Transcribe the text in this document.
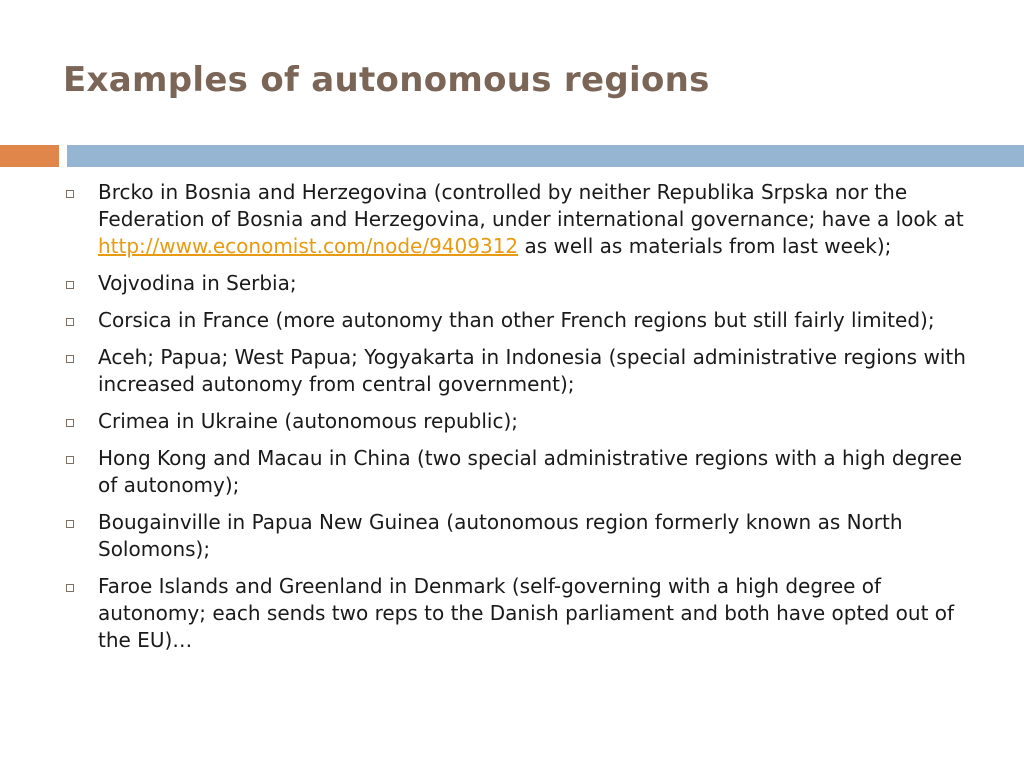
Examples of autonomous regions
Brcko in Bosnia and Herzegovina (controlled by neither Republika Srpska nor the Federation of Bosnia and Herzegovina, under international governance; have a look at http://www.economist.com/node/9409312 as well as materials from last week);
Vojvodina in Serbia;
Corsica in France (more autonomy than other French regions but still fairly limited);
Aceh; Papua; West Papua; Yogyakarta in Indonesia (special administrative regions with increased autonomy from central government);
Crimea in Ukraine (autonomous republic);
Hong Kong and Macau in China (two special administrative regions with a high degree of autonomy);
Bougainville in Papua New Guinea (autonomous region formerly known as North Solomons);
Faroe Islands and Greenland in Denmark (self-governing with a high degree of autonomy; each sends two reps to the Danish parliament and both have opted out of the EU)…
